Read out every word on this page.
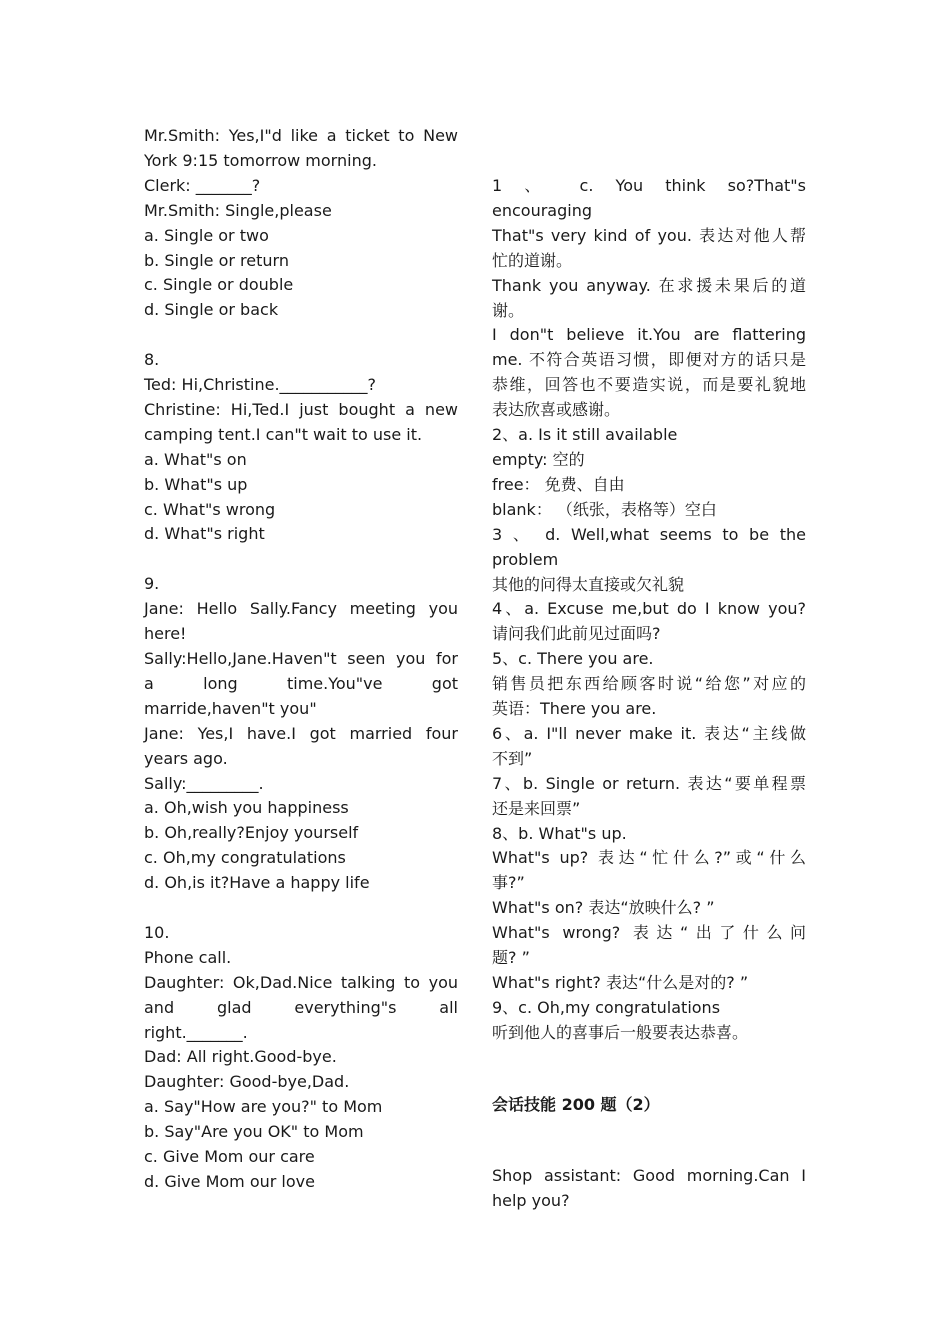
Mr.Smith: Yes,I"d like a ticket to New
York 9:15 tomorrow morning.
Clerk: _______?
Mr.Smith: Single,please
a. Single or two
b. Single or return
c. Single or double
d. Single or back
8.
Ted: Hi,Christine.___________?
Christine: Hi,Ted.I just bought a new
camping tent.I can"t wait to use it.
a. What"s on
b. What"s up
c. What"s wrong
d. What"s right
9.
Jane: Hello Sally.Fancy meeting you
here!
Sally:Hello,Jane.Haven"t seen you for
a long time.You"ve got
marride,haven"t you"
Jane: Yes,I have.I got married four
years ago.
Sally:_________.
a. Oh,wish you happiness
b. Oh,really?Enjoy yourself
c. Oh,my congratulations
d. Oh,is it?Have a happy life
10.
Phone call.
Daughter: Ok,Dad.Nice talking to you
and glad everything"s all
right._______.
Dad: All right.Good-bye.
Daughter: Good-bye,Dad.
a. Say"How are you?" to Mom
b. Say"Are you OK" to Mom
c. Give Mom our care
d. Give Mom our love
1 、 c. You think so?That"s
encouraging
That"s very kind of you. 表达对他人帮
忙的道谢。
Thank you anyway. 在求援未果后的道
谢。
I don"t believe it.You are flattering
me. 不符合英语习惯，即便对方的话只是
恭维，回答也不要造实说，而是要礼貌地
表达欣喜或感谢。
2、a. Is it still available
empty: 空的
free： 免费、自由
blank： （纸张，表格等）空白
3 、 d. Well,what seems to be the
problem
其他的问得太直接或欠礼貌
4、a. Excuse me,but do I know you?
请问我们此前见过面吗?
5、c. There you are.
销售员把东西给顾客时说“给您”对应的
英语：There you are.
6、a. I"ll never make it. 表达“主线做
不到”
7、b. Single or return. 表达“要单程票
还是来回票”
8、b. What"s up.
What"s up? 表达“忙什么?”或“什么
事?”
What"s on? 表达“放映什么? ”
What"s wrong? 表达“出了什么问
题? ”
What"s right? 表达“什么是对的? ”
9、c. Oh,my congratulations
听到他人的喜事后一般要表达恭喜。
会话技能 200 题（2）
Shop assistant: Good morning.Can I
help you?
